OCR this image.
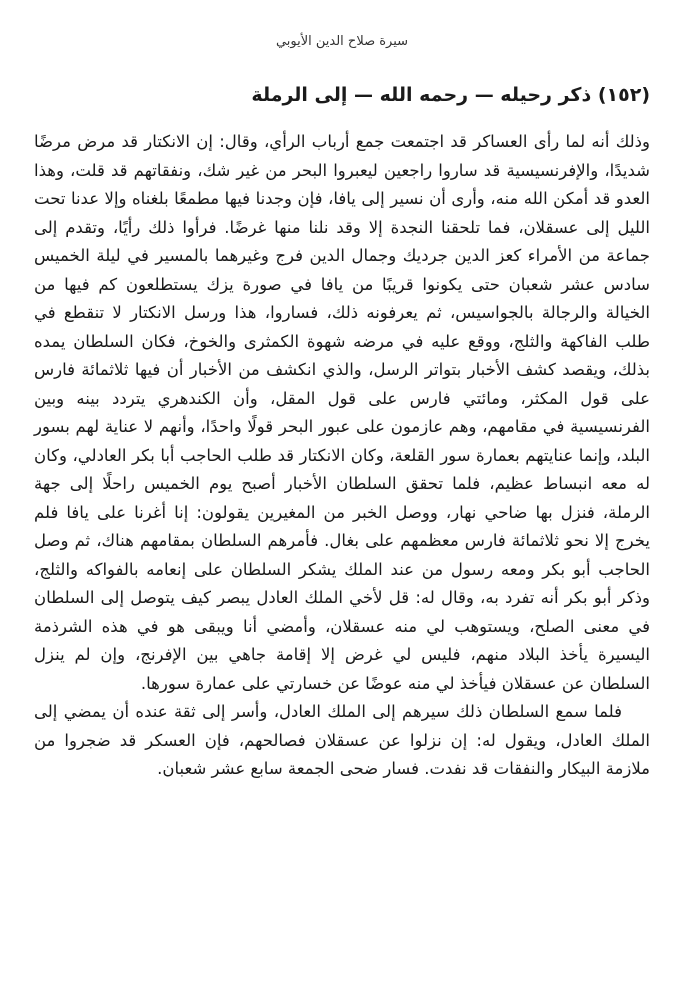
سيرة صلاح الدين الأيوبي
(١٥٢) ذكر رحيله — رحمه الله — إلى الرملة

وذلك أنه لما رأى العساكر قد اجتمعت جمع أرباب الرأي، وقال: إن الانكتار قد مرض مرضًا شديدًا، والإفرنسيسية قد ساروا راجعين ليعبروا البحر من غير شك، ونفقاتهم قد قلت، وهذا العدو قد أمكن الله منه، وأرى أن نسير إلى يافا، فإن وجدنا فيها مطمعًا بلغناه وإلا عدنا تحت الليل إلى عسقلان، فما تلحقنا النجدة إلا وقد نلنا منها غرضًا. فرأوا ذلك رأيًا، وتقدم إلى جماعة من الأمراء كعز الدين جرديك وجمال الدين فرج وغيرهما بالمسير في ليلة الخميس سادس عشر شعبان حتى يكونوا قريبًا من يافا في صورة يزك يستطلعون كم فيها من الخيالة والرجالة بالجواسيس، ثم يعرفونه ذلك، فساروا، هذا ورسل الانكتار لا تنقطع في طلب الفاكهة والثلج، ووقع عليه في مرضه شهوة الكمثرى والخوخ، فكان السلطان يمده بذلك، ويقصد كشف الأخبار بتواتر الرسل، والذي انكشف من الأخبار أن فيها ثلاثمائة فارس على قول المكثر، ومائتي فارس على قول المقل، وأن الكندهري يتردد بينه وبين الفرنسيسية في مقامهم، وهم عازمون على عبور البحر قولًا واحدًا، وأنهم لا عناية لهم بسور البلد، وإنما عنايتهم بعمارة سور القلعة، وكان الانكتار قد طلب الحاجب أبا بكر العادلي، وكان له معه انبساط عظيم، فلما تحقق السلطان الأخبار أصبح يوم الخميس راحلًا إلى جهة الرملة، فنزل بها ضاحي نهار، ووصل الخبر من المغيرين يقولون: إنا أغرنا على يافا فلم يخرج إلا نحو ثلاثمائة فارس معظمهم على بغال. فأمرهم السلطان بمقامهم هناك، ثم وصل الحاجب أبو بكر ومعه رسول من عند الملك يشكر السلطان على إنعامه بالفواكه والثلج، وذكر أبو بكر أنه تفرد به، وقال له: قل لأخي الملك العادل يبصر كيف يتوصل إلى السلطان في معنى الصلح، ويستوهب لي منه عسقلان، وأمضي أنا ويبقى هو في هذه الشرذمة اليسيرة يأخذ البلاد منهم، فليس لي غرض إلا إقامة جاهي بين الإفرنج، وإن لم ينزل السلطان عن عسقلان فيأخذ لي منه عوضًا عن خسارتي على عمارة سورها.

فلما سمع السلطان ذلك سيرهم إلى الملك العادل، وأسر إلى ثقة عنده أن يمضي إلى الملك العادل، ويقول له: إن نزلوا عن عسقلان فصالحهم، فإن العسكر قد ضجروا من ملازمة البيكار والنفقات قد نفدت. فسار ضحى الجمعة سابع عشر شعبان.
